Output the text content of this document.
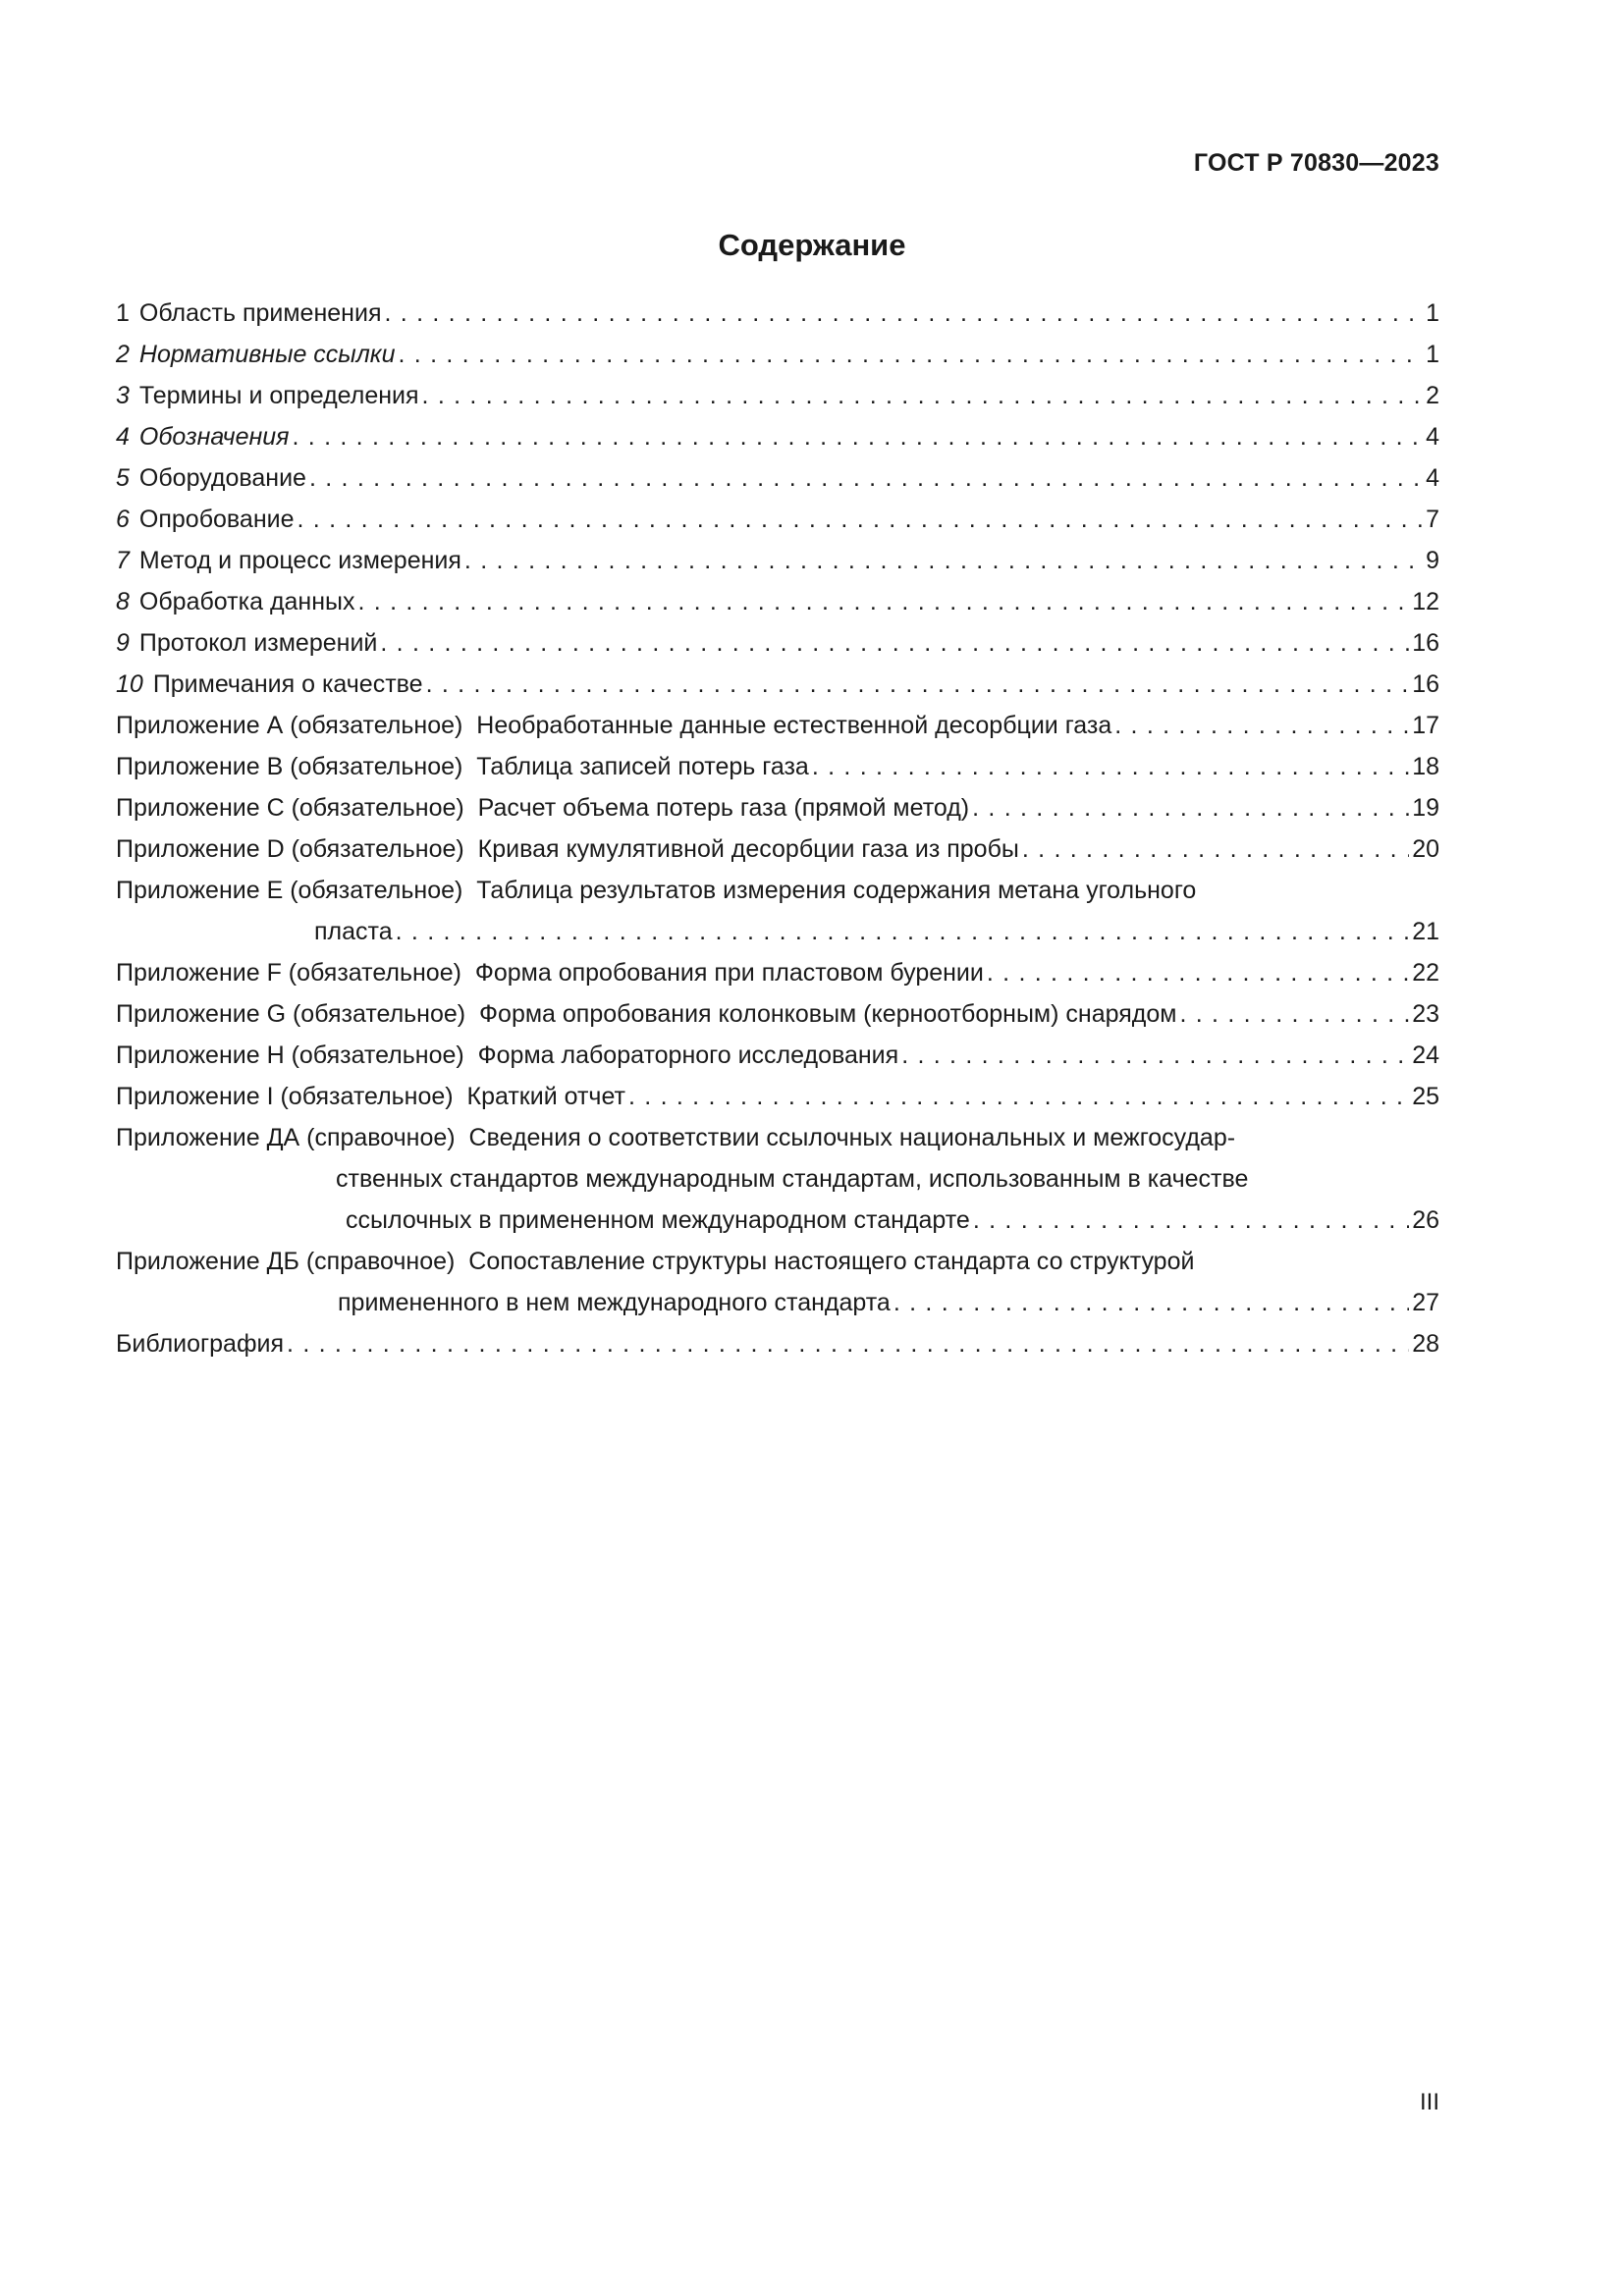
ГОСТ Р 70830—2023
Содержание
1 Область применения . . .	1
2 Нормативные ссылки . . .	1
3 Термины и определения . . .	2
4 Обозначения . . .	4
5 Оборудование . . .	4
6 Опробование . . .	7
7 Метод и процесс измерения . . .	9
8 Обработка данных . . .	12
9 Протокол измерений . . .	16
10 Примечания о качестве . . .	16
Приложение А (обязательное) Необработанные данные естественной десорбции газа . . .	17
Приложение В (обязательное) Таблица записей потерь газа . . .	18
Приложение С (обязательное) Расчет объема потерь газа (прямой метод) . . .	19
Приложение D (обязательное) Кривая кумулятивной десорбции газа из пробы . . .	20
Приложение Е (обязательное) Таблица результатов измерения содержания метана угольного
пласта . . .	21
Приложение F (обязательное) Форма опробования при пластовом бурении . . .	22
Приложение G (обязательное) Форма опробования колонковым (керноотборным) снарядом . . .	23
Приложение Н (обязательное) Форма лабораторного исследования . . .	24
Приложение I (обязательное) Краткий отчет . . .	25
Приложение ДА (справочное) Сведения о соответствии ссылочных национальных и межгосудар-
ственных стандартов международным стандартам, использованным в качестве
ссылочных в примененном международном стандарте . . .	26
Приложение ДБ (справочное) Сопоставление структуры настоящего стандарта со структурой
примененного в нем международного стандарта . . .	27
Библиография . . .	28
III
